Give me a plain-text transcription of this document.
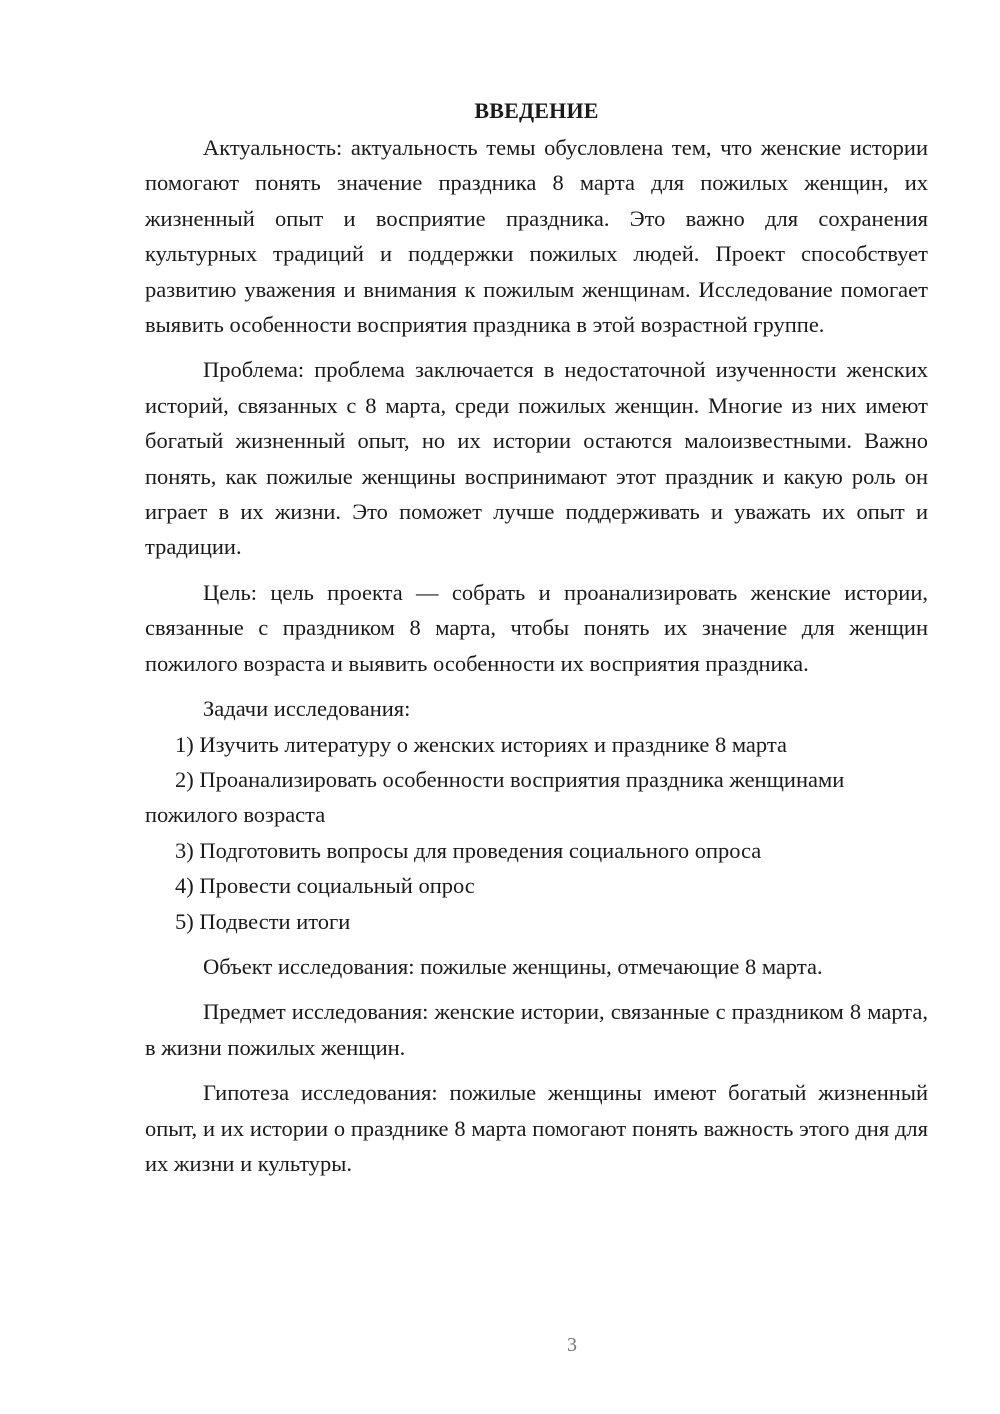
ВВЕДЕНИЕ

Актуальность: актуальность темы обусловлена тем, что женские истории помогают понять значение праздника 8 марта для пожилых женщин, их жизненный опыт и восприятие праздника. Это важно для сохранения культурных традиций и поддержки пожилых людей. Проект способствует развитию уважения и внимания к пожилым женщинам. Исследование помогает выявить особенности восприятия праздника в этой возрастной группе.

Проблема: проблема заключается в недостаточной изученности женских историй, связанных с 8 марта, среди пожилых женщин. Многие из них имеют богатый жизненный опыт, но их истории остаются малоизвестными. Важно понять, как пожилые женщины воспринимают этот праздник и какую роль он играет в их жизни. Это поможет лучше поддерживать и уважать их опыт и традиции.

Цель: цель проекта — собрать и проанализировать женские истории, связанные с праздником 8 марта, чтобы понять их значение для женщин пожилого возраста и выявить особенности их восприятия праздника.

Задачи исследования:

1) Изучить литературу о женских историях и празднике 8 марта

2) Проанализировать особенности восприятия праздника женщинами пожилого возраста

3) Подготовить вопросы для проведения социального опроса

4) Провести социальный опрос

5) Подвести итоги

Объект исследования: пожилые женщины, отмечающие 8 марта.

Предмет исследования: женские истории, связанные с праздником 8 марта, в жизни пожилых женщин.

Гипотеза исследования: пожилые женщины имеют богатый жизненный опыт, и их истории о празднике 8 марта помогают понять важность этого дня для их жизни и культуры.

3
